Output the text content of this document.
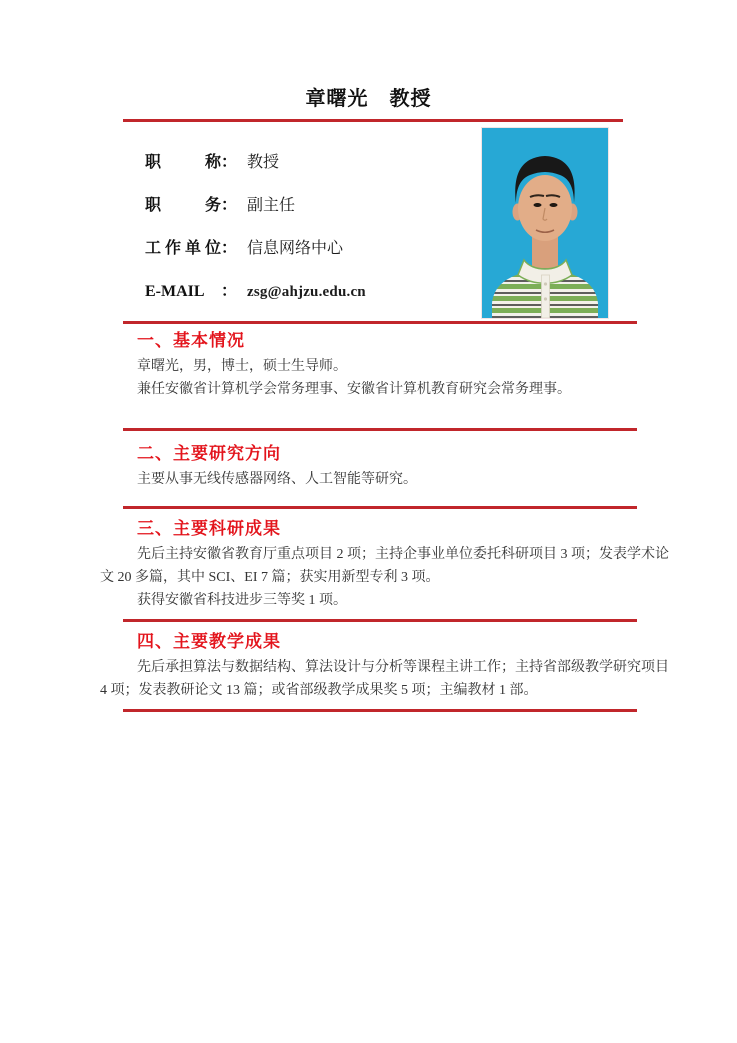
章曙光　教授
职称： 教授
职务： 副主任
工作单位： 信息网络中心
E-MAIL ： zsg@ahjzu.edu.cn
一、基本情况
章曙光，男，博士，硕士生导师。
兼任安徽省计算机学会常务理事、安徽省计算机教育研究会常务理事。
二、主要研究方向
主要从事无线传感器网络、人工智能等研究。
三、主要科研成果
先后主持安徽省教育厅重点项目 2 项；主持企事业单位委托科研项目 3 项；发表学术论
文 20 多篇，其中 SCI、EI 7 篇；获实用新型专利 3 项。
获得安徽省科技进步三等奖 1 项。
四、主要教学成果
先后承担算法与数据结构、算法设计与分析等课程主讲工作；主持省部级教学研究项目
4 项；发表教研论文 13 篇；或省部级教学成果奖 5 项；主编教材 1 部。
